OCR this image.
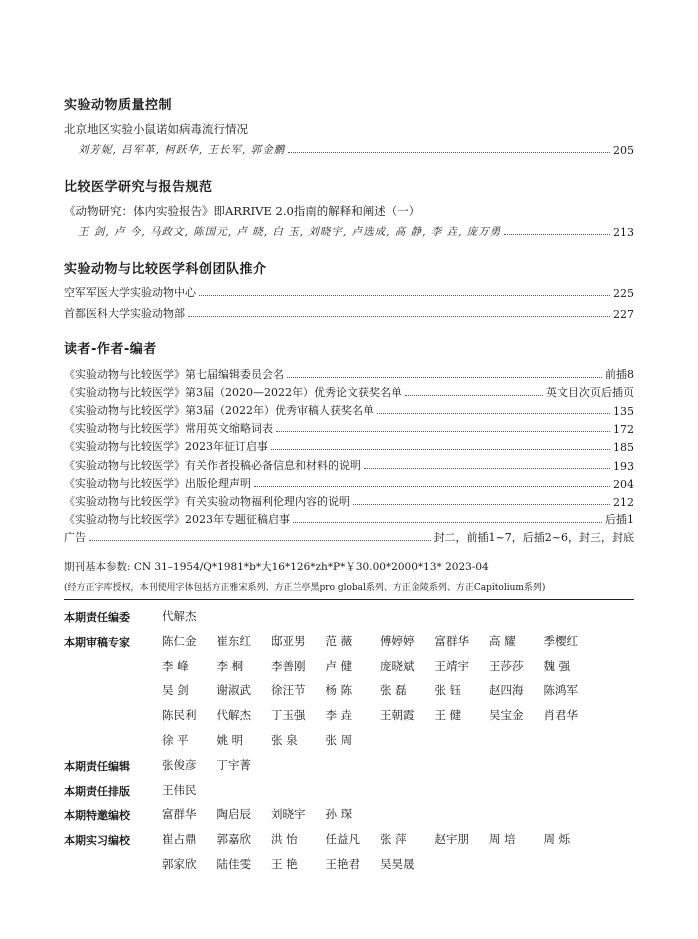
实验动物质量控制
北京地区实验小鼠诺如病毒流行情况
刘芳妮, 吕军革, 柯跃华, 王长军, 郭金鹏	205
比较医学研究与报告规范
《动物研究：体内实验报告》即ARRIVE 2.0指南的解释和阐述（一）
王 剑, 卢 今, 马政文, 陈国元, 卢 晓, 白 玉, 刘晓宇, 卢选成, 高 静, 李 垚, 庞万勇	213
实验动物与比较医学科创团队推介
空军军医大学实验动物中心	225
首都医科大学实验动物部	227
读者-作者-编者
《实验动物与比较医学》第七届编辑委员会名	前插8
《实验动物与比较医学》第3届（2020—2022年）优秀论文获奖名单	英文目次页后插页
《实验动物与比较医学》第3届（2022年）优秀审稿人获奖名单	135
《实验动物与比较医学》常用英文缩略词表	172
《实验动物与比较医学》2023年征订启事	185
《实验动物与比较医学》有关作者投稿必备信息和材料的说明	193
《实验动物与比较医学》出版伦理声明	204
《实验动物与比较医学》有关实验动物福利伦理内容的说明	212
《实验动物与比较医学》2023年专题征稿启事	后插1
广告	封二，前插1~7，后插2~6，封三，封底
期刊基本参数: CN 31–1954/Q*1981*b*大16*126*zh*P*￥30.00*2000*13* 2023-04
(经方正字库授权，本刊使用字体包括方正雅宋系列、方正兰亭黑pro global系列、方正金陵系列、方正Capitolium系列)
本期责任编委	代解杰
本期审稿专家	陈仁金 崔东红 邸亚男 范 薇 傅婷婷 富群华 高 耀 季樱红
李 峰 李 桐 李善刚 卢 健 庞晓斌 王靖宇 王莎莎 魏 强
吴 剑 谢淑武 徐汪节 杨 陈 张 磊 张 钰 赵四海 陈鸿军
陈民利 代解杰 丁玉强 李 垚 王朝霞 王 健 吴宝金 肖君华
徐 平 姚 明 张 泉 张 周
本期责任编辑	张俊彦 丁宇菁
本期责任排版	王伟民
本期特邀编校	富群华 陶启辰 刘晓宇 孙 琛
本期实习编校	崔占鼎 郭嘉欣 洪 怡 任益凡 张 萍 赵宇朋 周 培 周 烁
郭家欣 陆佳雯 王 艳 王艳君 吴昊晟
